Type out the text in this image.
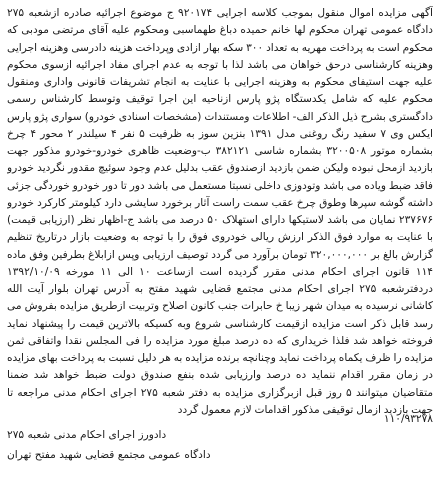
آگهی مزایده اموال منقول بموجب کلاسه اجرایی ۹۲۰۱۷۴ ج موضوع اجرائیه صادره ازشعبه ۲۷۵ دادگاه عمومی تهران محکوم لها خانم حمیده دباغ طهماسبی ومحکوم علیه آقای مرتضی مودبی که محکوم است به پرداخت مهریه به تعداد ۳۰۰ سکه بهار ازادی وپرداخت هزینه دادرسی وهزینه اجرایی وهزینه کارشناسی درحق خواهان می باشد لذا با توجه به عدم اجرای مفاد اجرائیه ازسوی محکوم علیه جهت استیفای محکوم به وهزینه اجرایی با عنایت به انجام تشریفات قانونی واداری ومنقول محکوم علیه که شامل یکدستگاه پژو پارس ازناحیه این اجرا توقیف وتوسط کارشناس رسمی دادگستری بشرح ذیل الذکر الف- اطلاعات ومستندات (مشخصات اسنادی خودرو) سواری پژو پارس ایکس وی ۷ سفید رنگ روغنی مدل ۱۳۹۱ بنزین سوز به ظرفیت ۵ نفر ۴ سیلندر ۲ محور ۴ چرخ بشماره موتور ۳۲۰۰۵۰۸ بشماره شاسی ۳۸۲۱۲۱ ب-وضعیت ظاهری خودرو-خودرو مذکور جهت بازدید ازمحل نبوده ولیکن ضمن بازدید ازصندوق عقب بدلیل عدم وجود سوئیچ مقدور نگردید خودرو فاقد ضبط ویاده می باشد وتودوزی داخلی نسبتا مستعمل می باشد دور تا دور خودرو خوردگی جزئی داشته گوشه سپرها وطوق چرخ عقب سمت راست آثار برخورد سایشی دارد کیلومتر کارکرد خودرو ۲۳۷۶۷۶ نمایان می باشد لاستیکها دارای استهلاک ۵۰ درصد می باشد ج-اظهار نظر (ارزیابی قیمت) با عنایت به موارد فوق الذکر ارزش ریالی خودروی فوق را با توجه به وضعیت بازار درتاریخ تنظیم گزارش بالغ بر ۳۲۰,۰۰۰,۰۰۰ تومان برآورد می گردد توصیف ارزیابی وپس ازابلاغ بطرفین وفق ماده ۱۱۴ قانون اجرای احکام مدنی مقرر گردیده است ازساعت ۱۰ الی ۱۱ مورخه ۱۳۹۲/۱۰/۰۹ دردفترشعبه ۲۷۵ اجرای احکام مدنی مجتمع قضایی شهید مفتح به آدرس تهران بلوار آیت الله کاشانی نرسیده به میدان شهر زیبا خ حابرات جنب کانون اصلاح وتربیت ازطریق مزایده بفروش می رسد قابل ذکر است مزایده ازقیمت کارشناسی شروع وبه کسیکه بالاترین قیمت را پیشنهاد نماید فروخته خواهد شد فلذا خریداری که ده درصد مبلغ مورد مزایده را فی المجلس نقدا واتفاقی ثمن مزایده را ظرف یکماه پرداخت نماید وچنانچه برنده مزایده به هر دلیل نسبت به پرداخت بهای مزایده در زمان مقرر اقدام ننماید ده درصد وارزیابی شده بنفع صندوق دولت ضبط خواهد شد ضمنا متقاضیان میتوانند ۵ روز قبل ازبرگزاری مزایده به دفتر شعبه ۲۷۵ اجرای احکام مدنی مراجعه تا جهت بازدید ازمال توقیفی مذکور اقدامات لازم معمول گردد

۱۱۰/۹۳۲۷۸
دادورز اجرای احکام مدنی شعبه ۲۷۵
دادگاه عمومی مجتمع قضایی شهید مفتح تهران
